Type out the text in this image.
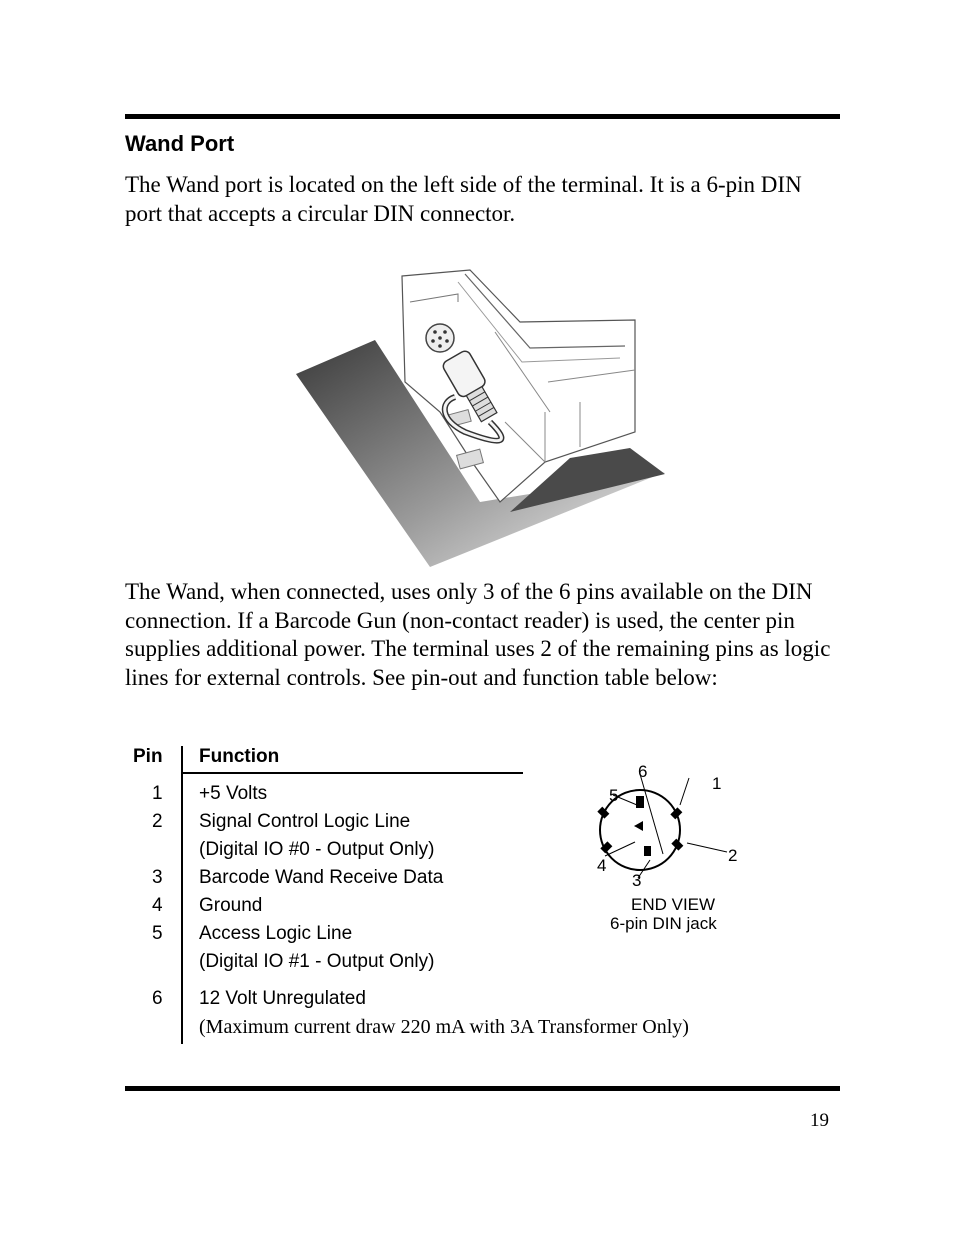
Wand Port
The Wand port is located on the left side of the terminal. It is a 6-pin DIN port that accepts a circular DIN connector.
The Wand, when connected, uses only 3 of the 6 pins available on the DIN connection. If a Barcode Gun (non-contact reader) is used, the center pin supplies additional power. The terminal uses 2 of the remaining pins as logic lines for external controls. See pin-out and function table below:
Pin Function
1 +5 Volts
2 Signal Control Logic Line
(Digital IO #0 - Output Only)
3 Barcode Wand Receive Data
4 Ground
5 Access Logic Line
(Digital IO #1 - Output Only)
6 12 Volt Unregulated
(Maximum current draw 220 mA with 3A Transformer Only)
6
1
5
2
4
3
END VIEW
6-pin DIN jack
19
